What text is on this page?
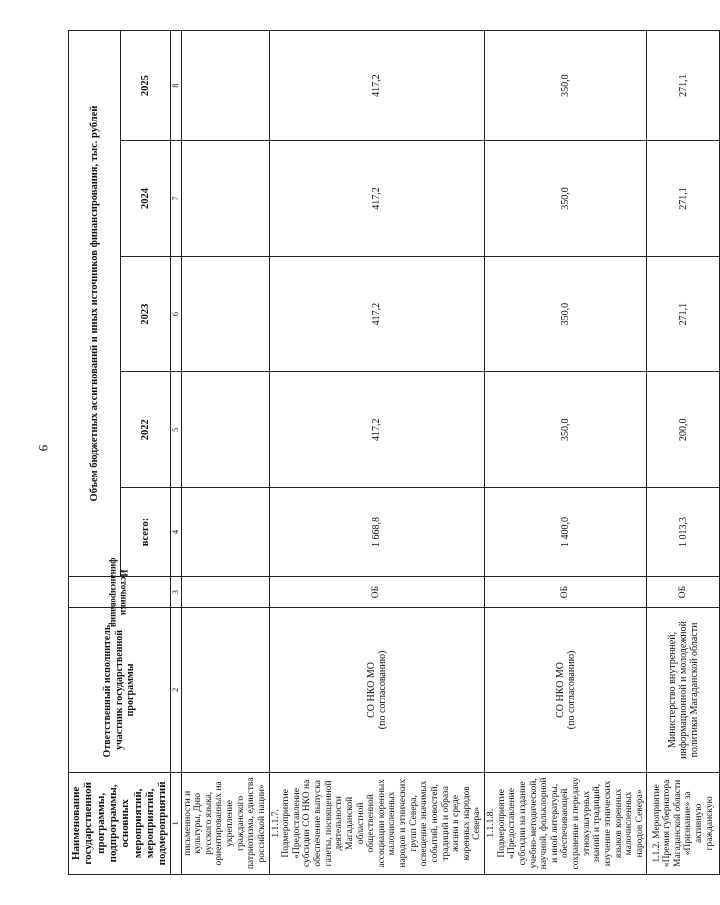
6
Наименование государственной программы, подпрограммы, основных мероприятий, мероприятий, подмероприятий	Ответственный исполнитель, участник государственной программы	Источники финансирования	Объем бюджетных ассигнований и иных источников финансирования, тыс. рублей				
			всего:	2022	2023	2024	2025
1	2	3	4	5	6	7	8
письменности и культуры, Дню русского языка, ориентированных на укрепление гражданского патриотизма, единства российской нации»	

1.1.1.7. Подмероприятие «Предоставление субсидии СО НКО на обеспечение выпуска газеты, посвященной деятельности Магаданской областной общественной ассоциации коренных малочисленных народов и этнических групп Севера, освещение значимых событий, новостей, традиций и образа жизни в среде коренных народов Севера»	СО НКО МО (по согласованию)	ОБ	1 668,8	417,2	417,2	417,2	417,2
1.1.1.8. Подмероприятие «Предоставление субсидии на издание учебно-методической, научной, фольклорной и иной литературы, обеспечивающей сохранение и передачу этнокультурных знаний и традиций, изучение этнических языков коренных малочисленных народов Севера»	СО НКО МО (по согласованию)	ОБ	1 400,0	350,0	350,0	350,0	350,0
1.1.2. Мероприятие «Премия губернатора Магаданской области «Признание» за активную гражданскую	Министерство внутренней, информационной и молодежной политики Магаданской области	ОБ	1 013,3	200,0	271,1	271,1	271,1
